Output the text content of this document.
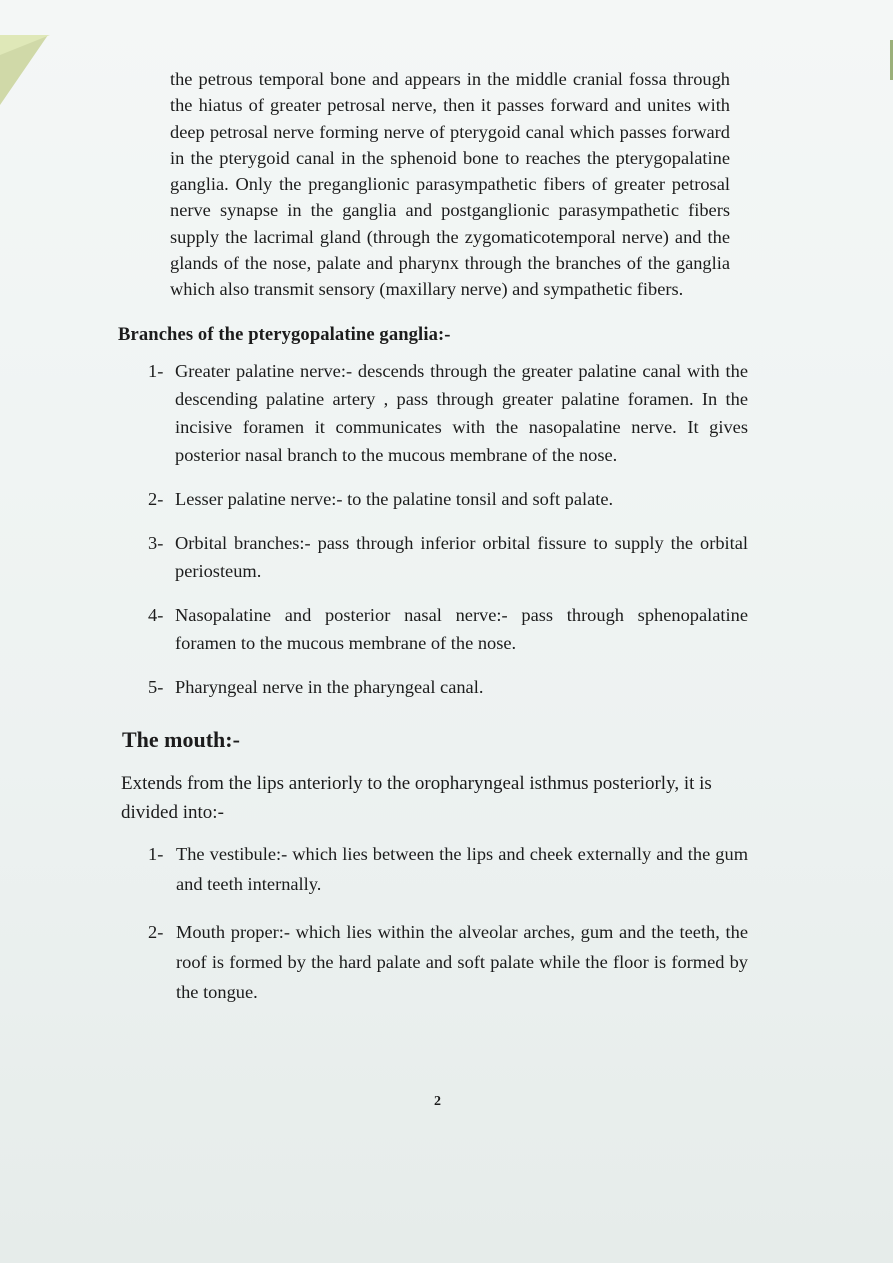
the petrous temporal bone and appears in the middle cranial fossa through the hiatus of greater petrosal nerve, then it passes forward and unites with deep petrosal nerve forming nerve of pterygoid canal which passes forward in the pterygoid canal in the sphenoid bone to reaches the pterygopalatine ganglia. Only the preganglionic parasympathetic fibers of greater petrosal nerve synapse in the ganglia and postganglionic parasympathetic fibers supply the lacrimal gland (through the zygomaticotemporal nerve) and the glands of the nose, palate and pharynx through the branches of the ganglia which also transmit sensory (maxillary nerve) and sympathetic fibers.

Branches of the pterygopalatine ganglia:-
1- Greater palatine nerve:- descends through the greater palatine canal with the descending palatine artery , pass through greater palatine foramen. In the incisive foramen it communicates with the nasopalatine nerve. It gives posterior nasal branch to the mucous membrane of the nose.
2- Lesser palatine nerve:- to the palatine tonsil and soft palate.
3- Orbital branches:- pass through inferior orbital fissure to supply the orbital periosteum.
4- Nasopalatine and posterior nasal nerve:- pass through sphenopalatine foramen to the mucous membrane of the nose.
5- Pharyngeal nerve in the pharyngeal canal.
The mouth:-

Extends from the lips anteriorly to the oropharyngeal isthmus posteriorly, it is divided into:-

1- The vestibule:- which lies between the lips and cheek externally and the gum and teeth internally.
2- Mouth proper:- which lies within the alveolar arches, gum and the teeth, the roof is formed by the hard palate and soft palate while the floor is formed by the tongue.
2
